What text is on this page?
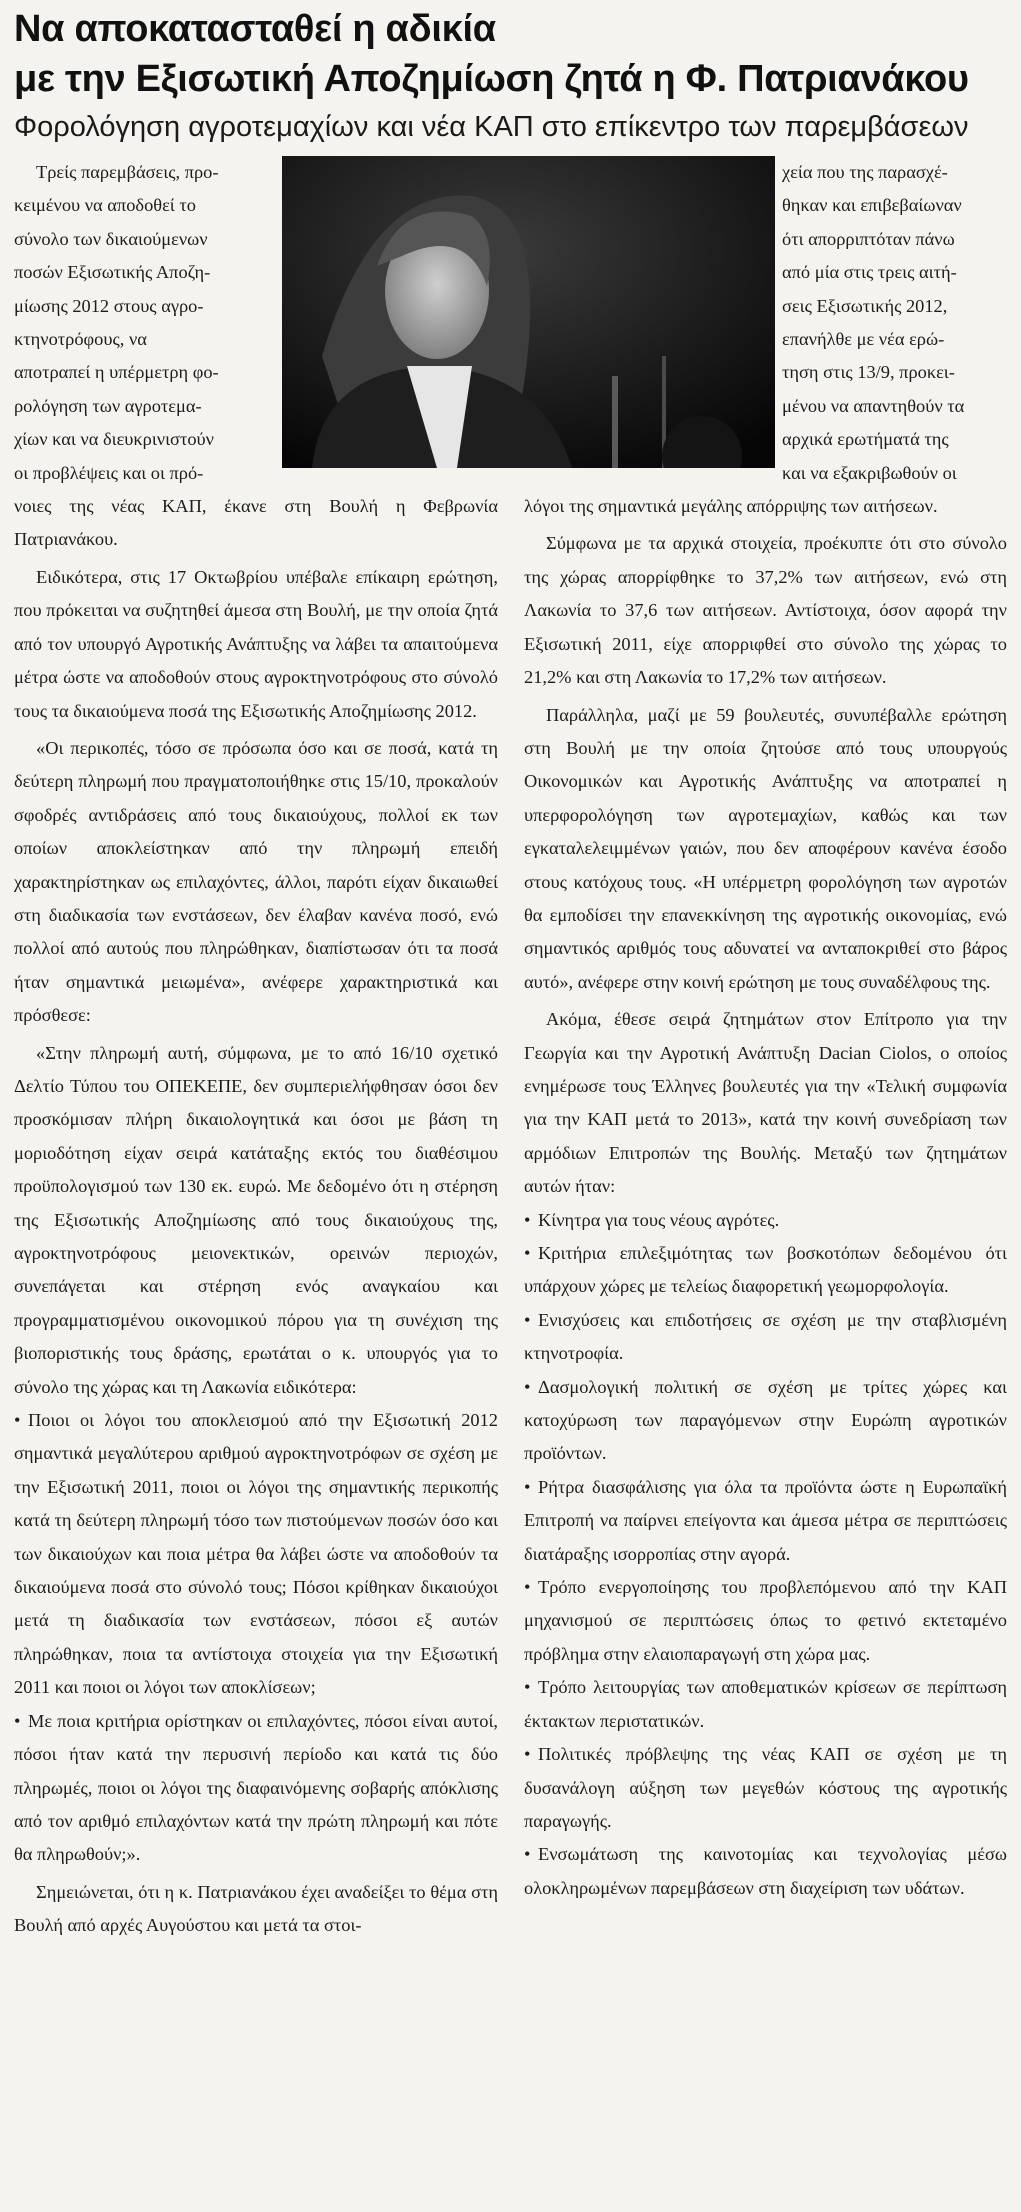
Να αποκατασταθεί η αδικία
με την Εξισωτική Αποζημίωση ζητά η Φ. Πατριανάκου
Φορολόγηση αγροτεμαχίων και νέα ΚΑΠ στο επίκεντρο των παρεμβάσεων
Τρείς παρεμβάσεις, προ-
κειμένου να αποδοθεί το
σύνολο των δικαιούμενων
ποσών Εξισωτικής Αποζη-
μίωσης 2012 στους αγρο-
κτηνοτρόφους, να
αποτραπεί η υπέρμετρη φο-
ρολόγηση των αγροτεμα-
χίων και να διευκρινιστούν
οι προβλέψεις και οι πρό-

νοιες της νέας ΚΑΠ, έκανε στη Βουλή η Φεβρωνία Πατριανάκου.

Ειδικότερα, στις 17 Οκτωβρίου υπέβαλε επίκαιρη ερώτηση, που πρόκειται να συζητηθεί άμεσα στη Βουλή, με την οποία ζητά από τον υπουργό Αγροτικής Ανάπτυξης να λάβει τα απαιτούμενα μέτρα ώστε να αποδοθούν στους αγροκτηνοτρόφους στο σύνολό τους τα δικαιούμενα ποσά της Εξισωτικής Αποζημίωσης 2012.

«Οι περικοπές, τόσο σε πρόσωπα όσο και σε ποσά, κατά τη δεύτερη πληρωμή που πραγματοποιήθηκε στις 15/10, προκαλούν σφοδρές αντιδράσεις από τους δικαιούχους, πολλοί εκ των οποίων αποκλείστηκαν από την πληρωμή επειδή χαρακτηρίστηκαν ως επιλαχόντες, άλλοι, παρότι είχαν δικαιωθεί στη διαδικασία των ενστάσεων, δεν έλαβαν κανένα ποσό, ενώ πολλοί από αυτούς που πληρώθηκαν, διαπίστωσαν ότι τα ποσά ήταν σημαντικά μειωμένα», ανέφερε χαρακτηριστικά και πρόσθεσε:

«Στην πληρωμή αυτή, σύμφωνα, με το από 16/10 σχετικό Δελτίο Τύπου του ΟΠΕΚΕΠΕ, δεν συμπεριελήφθησαν όσοι δεν προσκόμισαν πλήρη δικαιολογητικά και όσοι με βάση τη μοριοδότηση είχαν σειρά κατάταξης εκτός του διαθέσιμου προϋπολογισμού των 130 εκ. ευρώ. Με δεδομένο ότι η στέρηση της Εξισωτικής Αποζημίωσης από τους δικαιούχους της, αγροκτηνοτρόφους μειονεκτικών, ορεινών περιοχών, συνεπάγεται και στέρηση ενός αναγκαίου και προγραμματισμένου οικονομικού πόρου για τη συνέχιση της βιοποριστικής τους δράσης, ερωτάται ο κ. υπουργός για το σύνολο της χώρας και τη Λακωνία ειδικότερα:

• Ποιοι οι λόγοι του αποκλεισμού από την Εξισωτική 2012 σημαντικά μεγαλύτερου αριθμού αγροκτηνοτρόφων σε σχέση με την Εξισωτική 2011, ποιοι οι λόγοι της σημαντικής περικοπής κατά τη δεύτερη πληρωμή τόσο των πιστούμενων ποσών όσο και των δικαιούχων και ποια μέτρα θα λάβει ώστε να αποδοθούν τα δικαιούμενα ποσά στο σύνολό τους; Πόσοι κρίθηκαν δικαιούχοι μετά τη διαδικασία των ενστάσεων, πόσοι εξ αυτών πληρώθηκαν, ποια τα αντίστοιχα στοιχεία για την Εξισωτική 2011 και ποιοι οι λόγοι των αποκλίσεων;

• Με ποια κριτήρια ορίστηκαν οι επιλαχόντες, πόσοι είναι αυτοί, πόσοι ήταν κατά την περυσινή περίοδο και κατά τις δύο πληρωμές, ποιοι οι λόγοι της διαφαινόμενης σοβαρής απόκλισης από τον αριθμό επιλαχόντων κατά την πρώτη πληρωμή και πότε θα πληρωθούν;».

Σημειώνεται, ότι η κ. Πατριανάκου έχει αναδείξει το θέμα στη Βουλή από αρχές Αυγούστου και μετά τα στοι-

χεία που της παρασχέ-
θηκαν και επιβεβαίωναν
ότι απορριπτόταν πάνω
από μία στις τρεις αιτή-
σεις Εξισωτικής 2012,
επανήλθε με νέα ερώ-
τηση στις 13/9, προκει-
μένου να απαντηθούν τα
αρχικά ερωτήματά της
και να εξακριβωθούν οι

λόγοι της σημαντικά μεγάλης απόρριψης των αιτήσεων.

Σύμφωνα με τα αρχικά στοιχεία, προέκυπτε ότι στο σύνολο της χώρας απορρίφθηκε το 37,2% των αιτήσεων, ενώ στη Λακωνία το 37,6 των αιτήσεων. Αντίστοιχα, όσον αφορά την Εξισωτική 2011, είχε απορριφθεί στο σύνολο της χώρας το 21,2% και στη Λακωνία το 17,2% των αιτήσεων.

Παράλληλα, μαζί με 59 βουλευτές, συνυπέβαλλε ερώτηση στη Βουλή με την οποία ζητούσε από τους υπουργούς Οικονομικών και Αγροτικής Ανάπτυξης να αποτραπεί η υπερφορολόγηση των αγροτεμαχίων, καθώς και των εγκαταλελειμμένων γαιών, που δεν αποφέρουν κανένα έσοδο στους κατόχους τους. «Η υπέρμετρη φορολόγηση των αγροτών θα εμποδίσει την επανεκκίνηση της αγροτικής οικονομίας, ενώ σημαντικός αριθμός τους αδυνατεί να ανταποκριθεί στο βάρος αυτό», ανέφερε στην κοινή ερώτηση με τους συναδέλφους της.

Ακόμα, έθεσε σειρά ζητημάτων στον Επίτροπο για την Γεωργία και την Αγροτική Ανάπτυξη Dacian Ciolos, ο οποίος ενημέρωσε τους Έλληνες βουλευτές για την «Τελική συμφωνία για την ΚΑΠ μετά το 2013», κατά την κοινή συνεδρίαση των αρμόδιων Επιτροπών της Βουλής. Μεταξύ των ζητημάτων αυτών ήταν:

• Κίνητρα για τους νέους αγρότες.

• Κριτήρια επιλεξιμότητας των βοσκοτόπων δεδομένου ότι υπάρχουν χώρες με τελείως διαφορετική γεωμορφολογία.

• Ενισχύσεις και επιδοτήσεις σε σχέση με την σταβλισμένη κτηνοτροφία.

• Δασμολογική πολιτική σε σχέση με τρίτες χώρες και κατοχύρωση των παραγόμενων στην Ευρώπη αγροτικών προϊόντων.

• Ρήτρα διασφάλισης για όλα τα προϊόντα ώστε η Ευρωπαϊκή Επιτροπή να παίρνει επείγοντα και άμεσα μέτρα σε περιπτώσεις διατάραξης ισορροπίας στην αγορά.

• Τρόπο ενεργοποίησης του προβλεπόμενου από την ΚΑΠ μηχανισμού σε περιπτώσεις όπως το φετινό εκτεταμένο πρόβλημα στην ελαιοπαραγωγή στη χώρα μας.

• Τρόπο λειτουργίας των αποθεματικών κρίσεων σε περίπτωση έκτακτων περιστατικών.

• Πολιτικές πρόβλεψης της νέας ΚΑΠ σε σχέση με τη δυσανάλογη αύξηση των μεγεθών κόστους της αγροτικής παραγωγής.

• Ενσωμάτωση της καινοτομίας και τεχνολογίας μέσω ολοκληρωμένων παρεμβάσεων στη διαχείριση των υδάτων.
